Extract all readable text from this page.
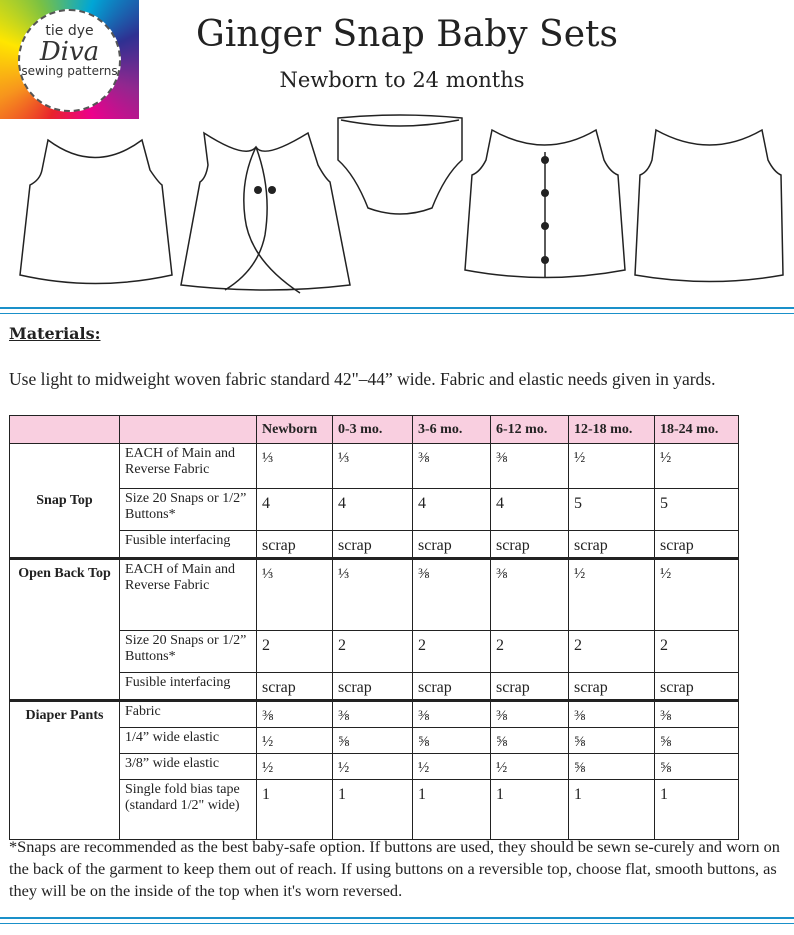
tie dye
Diva
sewing patterns
Ginger Snap Baby Sets
Newborn to 24 months
Materials:
Use light to midweight woven fabric standard 42"–44” wide. Fabric and elastic needs given in yards.
		Newborn	0-3 mo.	3-6 mo.	6-12 mo.	12-18 mo.	18-24 mo.
Snap Top	EACH of Main and Reverse Fabric	⅓	⅓	⅜	⅜	½	½
	Size 20 Snaps or 1/2” Buttons*	4	4	4	4	5	5
	Fusible interfacing	scrap	scrap	scrap	scrap	scrap	scrap
Open Back Top	EACH of Main and Reverse Fabric	⅓	⅓	⅜	⅜	½	½
	Size 20 Snaps or 1/2” Buttons*	2	2	2	2	2	2
	Fusible interfacing	scrap	scrap	scrap	scrap	scrap	scrap
Diaper Pants	Fabric	⅜	⅜	⅜	⅜	⅜	⅜
	1/4” wide elastic	½	⅝	⅝	⅝	⅝	⅝
	3/8” wide elastic	½	½	½	½	⅝	⅝
	Single fold bias tape (standard 1/2" wide)	1	1	1	1	1	1
*Snaps are recommended as the best baby-safe option. If buttons are used, they should be sewn se-curely and worn on the back of the garment to keep them out of reach. If using buttons on a reversible top, choose flat, smooth buttons, as they will be on the inside of the top when it's worn reversed.
